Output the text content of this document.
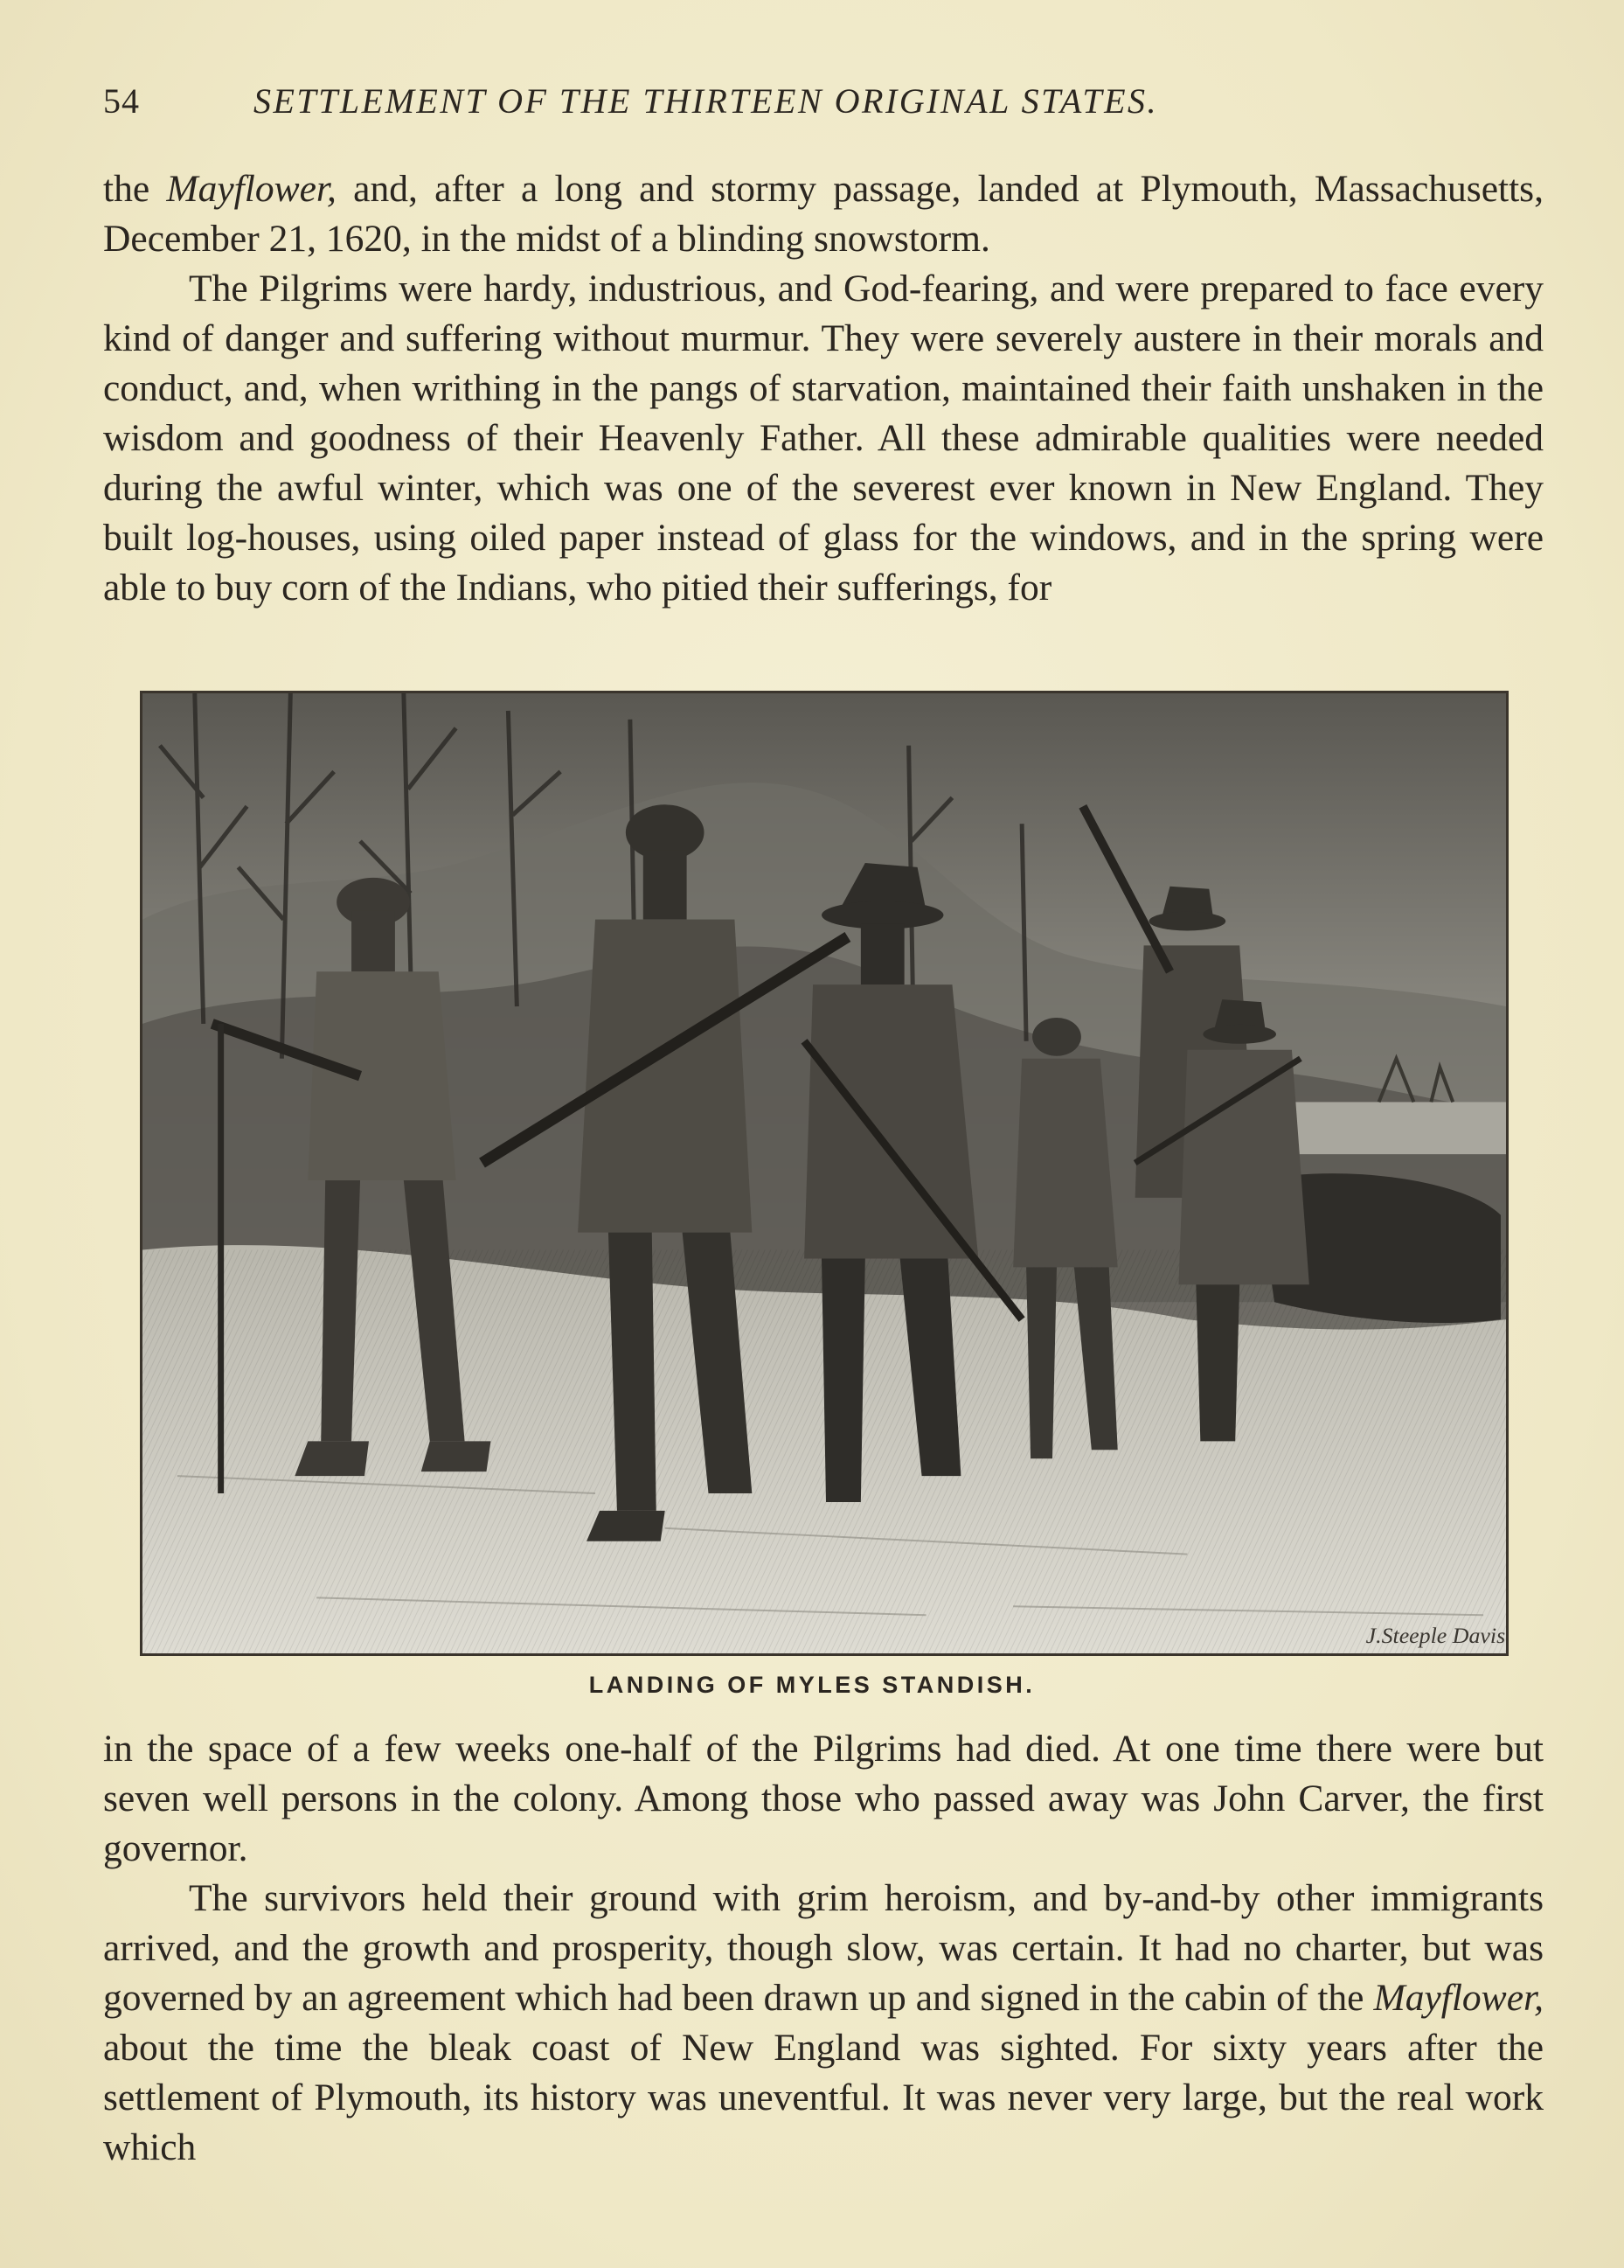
54	SETTLEMENT OF THE THIRTEEN ORIGINAL STATES.

the Mayflower, and, after a long and stormy passage, landed at Plymouth, Massachusetts, December 21, 1620, in the midst of a blinding snowstorm.

The Pilgrims were hardy, industrious, and God-fearing, and were prepared to face every kind of danger and suffering without murmur. They were severely austere in their morals and conduct, and, when writhing in the pangs of starvation, maintained their faith unshaken in the wisdom and goodness of their Heavenly Father. All these admirable qualities were needed during the awful winter, which was one of the severest ever known in New England. They built log-houses, using oiled paper instead of glass for the windows, and in the spring were able to buy corn of the Indians, who pitied their sufferings, for

J.Steeple Davis
LANDING OF MYLES STANDISH.

in the space of a few weeks one-half of the Pilgrims had died. At one time there were but seven well persons in the colony. Among those who passed away was John Carver, the first governor.

The survivors held their ground with grim heroism, and by-and-by other immigrants arrived, and the growth and prosperity, though slow, was certain. It had no charter, but was governed by an agreement which had been drawn up and signed in the cabin of the Mayflower, about the time the bleak coast of New England was sighted. For sixty years after the settlement of Plymouth, its history was uneventful. It was never very large, but the real work which
